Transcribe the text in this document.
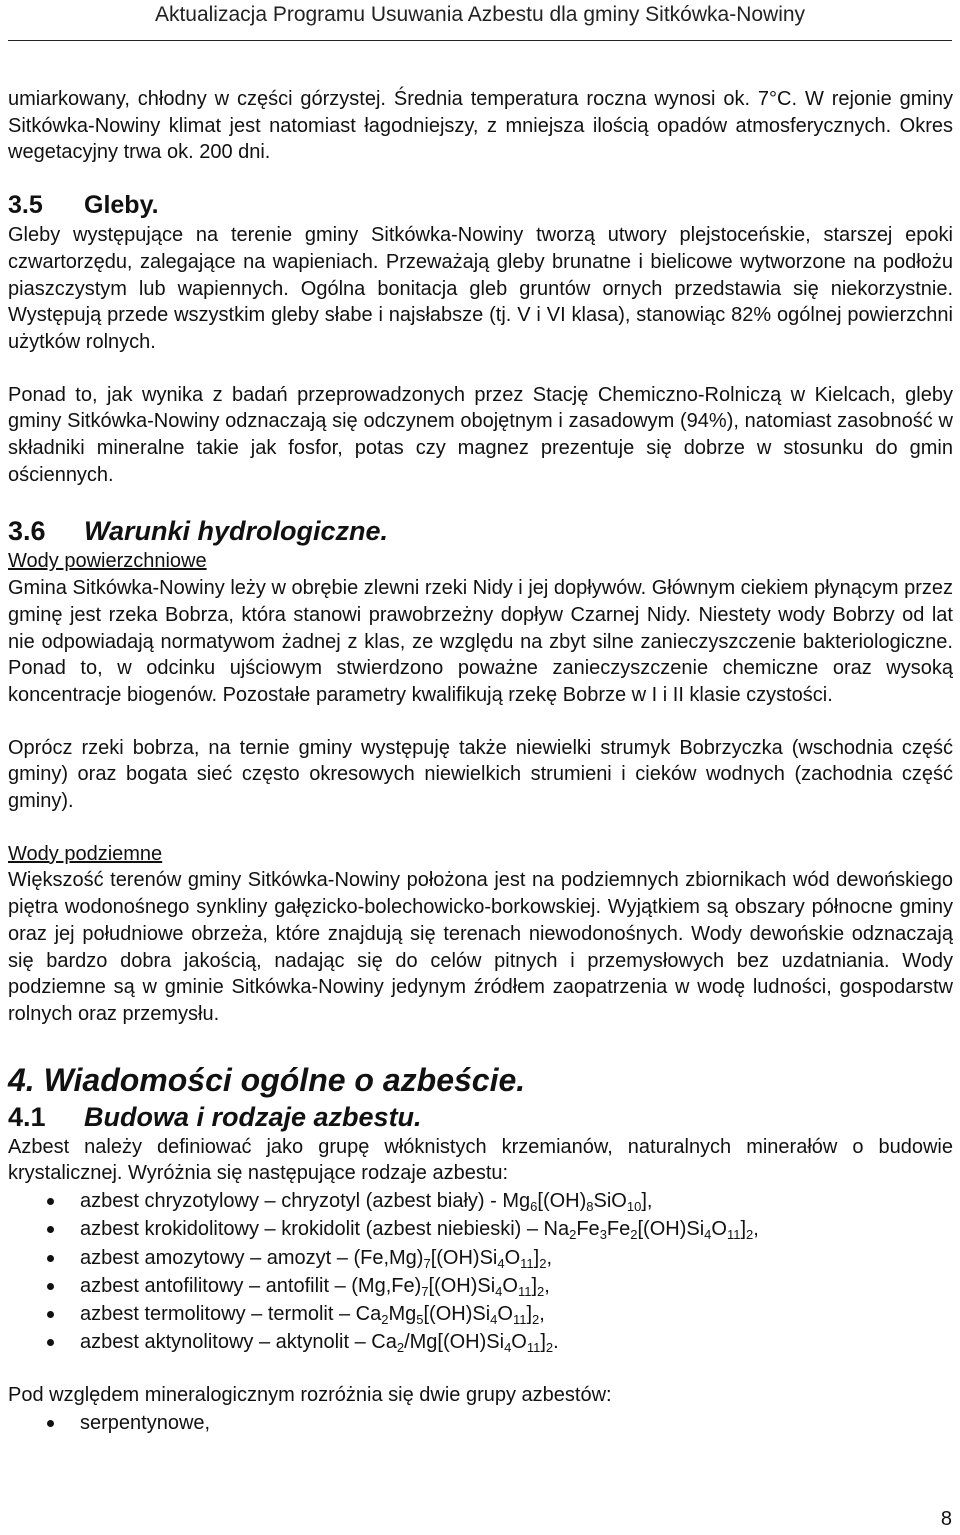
Aktualizacja Programu Usuwania Azbestu dla gminy Sitkówka-Nowiny

umiarkowany, chłodny w części górzystej. Średnia temperatura roczna wynosi ok. 7°C. W rejonie gminy Sitkówka-Nowiny klimat jest natomiast łagodniejszy, z mniejsza ilością opadów atmosferycznych. Okres wegetacyjny trwa ok. 200 dni.

3.5 Gleby.

Gleby występujące na terenie gminy Sitkówka-Nowiny tworzą utwory plejstoceńskie, starszej epoki czwartorzędu, zalegające na wapieniach. Przeważają gleby brunatne i bielicowe wytworzone na podłożu piaszczystym lub wapiennych. Ogólna bonitacja gleb gruntów ornych przedstawia się niekorzystnie. Występują przede wszystkim gleby słabe i najsłabsze (tj. V i VI klasa), stanowiąc 82% ogólnej powierzchni użytków rolnych.

Ponad to, jak wynika z badań przeprowadzonych przez Stację Chemiczno-Rolniczą w Kielcach, gleby gminy Sitkówka-Nowiny odznaczają się odczynem obojętnym i zasadowym (94%), natomiast zasobność w składniki mineralne takie jak fosfor, potas czy magnez prezentuje się dobrze w stosunku do gmin ościennych.

3.6 Warunki hydrologiczne.

Wody powierzchniowe

Gmina Sitkówka-Nowiny leży w obrębie zlewni rzeki Nidy i jej dopływów. Głównym ciekiem płynącym przez gminę jest rzeka Bobrza, która stanowi prawobrzeżny dopływ Czarnej Nidy. Niestety wody Bobrzy od lat nie odpowiadają normatywom żadnej z klas, ze względu na zbyt silne zanieczyszczenie bakteriologiczne. Ponad to, w odcinku ujściowym stwierdzono poważne zanieczyszczenie chemiczne oraz wysoką koncentracje biogenów. Pozostałe parametry kwalifikują rzekę Bobrze w I i II klasie czystości.

Oprócz rzeki bobrza, na ternie gminy występuję także niewielki strumyk Bobrzyczka (wschodnia część gminy) oraz bogata sieć często okresowych niewielkich strumieni i cieków wodnych (zachodnia część gminy).

Wody podziemne

Większość terenów gminy Sitkówka-Nowiny położona jest na podziemnych zbiornikach wód dewońskiego piętra wodonośnego synkliny gałęzicko-bolechowicko-borkowskiej. Wyjątkiem są obszary północne gminy oraz jej południowe obrzeża, które znajdują się terenach niewodonośnych. Wody dewońskie odznaczają się bardzo dobra jakością, nadając się do celów pitnych i przemysłowych bez uzdatniania. Wody podziemne są w gminie Sitkówka-Nowiny jedynym źródłem zaopatrzenia w wodę ludności, gospodarstw rolnych oraz przemysłu.

4. Wiadomości ogólne o azbeście.
4.1 Budowa i rodzaje azbestu.

Azbest należy definiować jako grupę włóknistych krzemianów, naturalnych minerałów o budowie krystalicznej. Wyróżnia się następujące rodzaje azbestu:

azbest chryzotylowy – chryzotyl (azbest biały) - $Mg_6[(OH)_8SiO_{10}]$,
azbest krokidolitowy – krokidolit (azbest niebieski) – $Na_2Fe_3Fe_2[(OH)Si_4O_{11}]_2$,
azbest amozytowy – amozyt – $(Fe,Mg)_7[(OH)Si_4O_{11}]_2$,
azbest antofilitowy – antofilit – $(Mg,Fe)_7[(OH)Si_4O_{11}]_2$,
azbest termolitowy – termolit – $Ca_2Mg_5[(OH)Si_4O_{11}]_2$,
azbest aktynolitowy – aktynolit – $Ca_2/Mg[(OH)Si_4O_{11}]_2$.

Pod względem mineralogicznym rozróżnia się dwie grupy azbestów:

serpentynowe,
8
